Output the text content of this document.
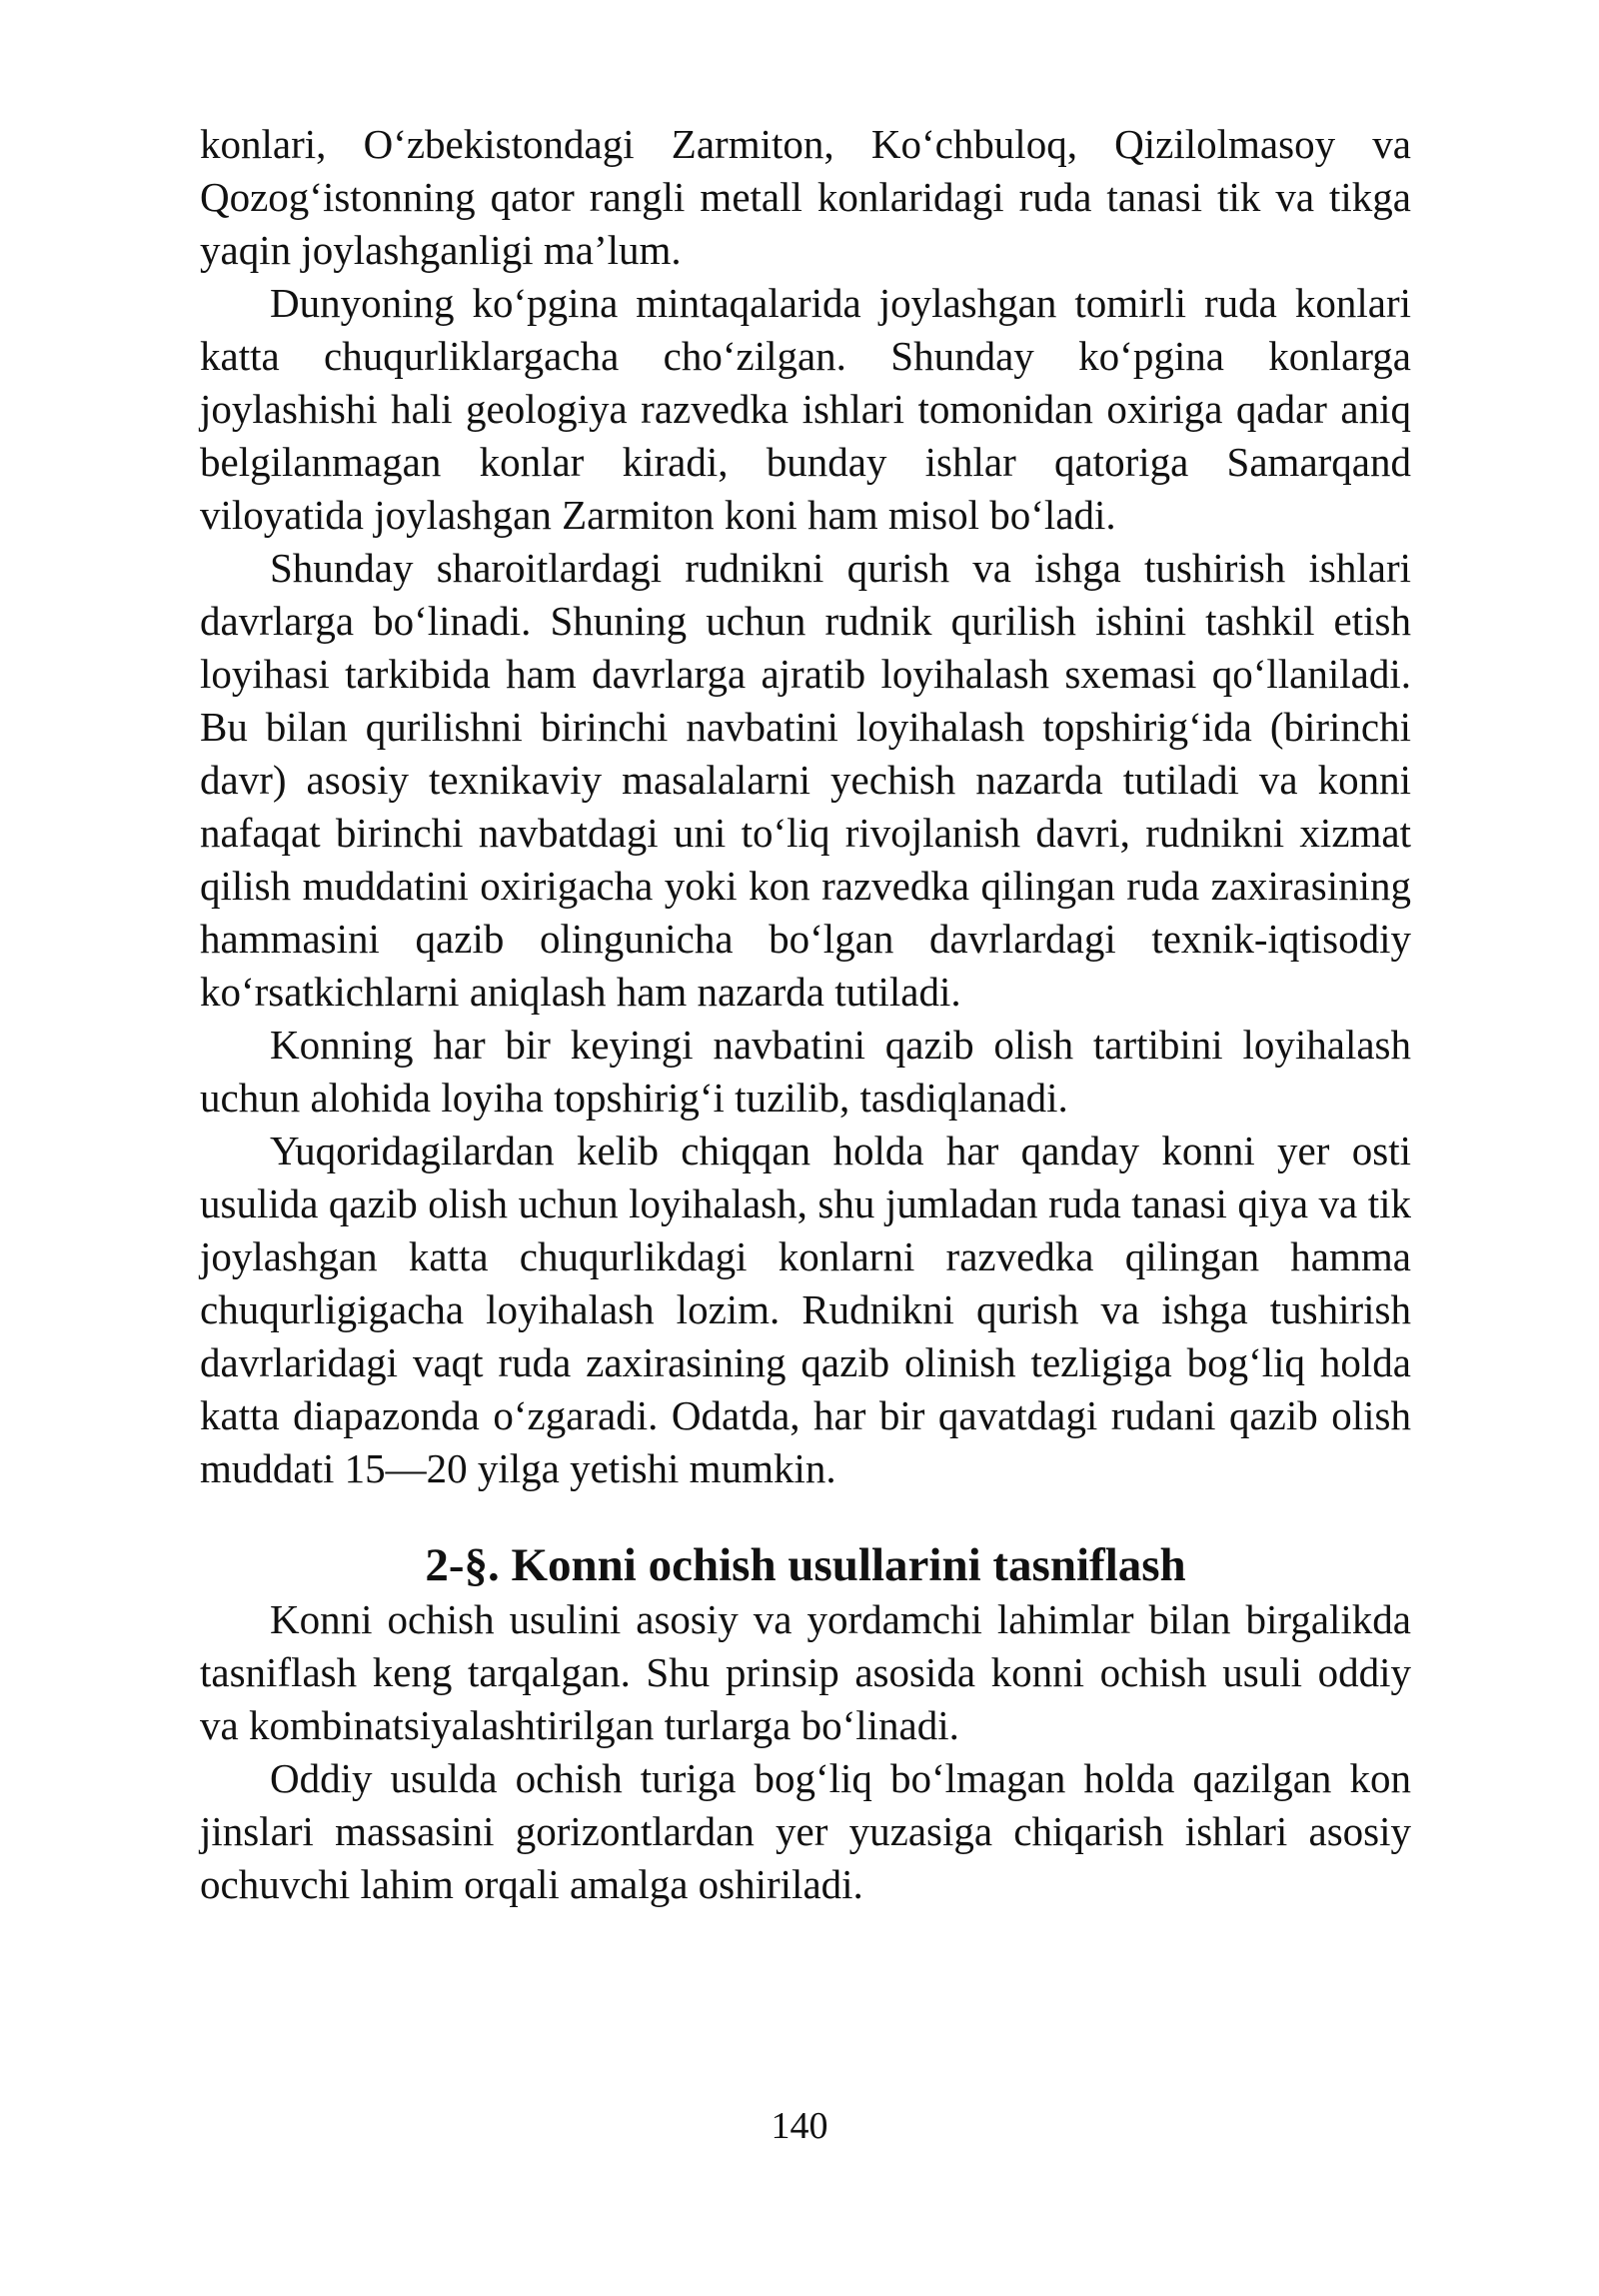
konlari, O‘zbekistondagi Zarmiton, Ko‘chbuloq, Qizilolmasoy va Qozog‘istonning qator rangli metall konlaridagi ruda tanasi tik va tikga yaqin joylashganligi ma’lum.

Dunyoning ko‘pgina mintaqalarida joylashgan tomirli ruda konlari katta chuqurliklargacha cho‘zilgan. Shunday ko‘pgina konlarga joylashishi hali geologiya razvedka ishlari tomonidan oxiriga qadar aniq belgilanmagan konlar kiradi, bunday ishlar qatoriga Samarqand viloyatida joylashgan Zarmiton koni ham misol bo‘ladi.

Shunday sharoitlardagi rudnikni qurish va ishga tushirish ishlari davrlarga bo‘linadi. Shuning uchun rudnik qurilish ishini tashkil etish loyihasi tarkibida ham davrlarga ajratib loyihalash sxemasi qo‘llaniladi. Bu bilan qurilishni birinchi navbatini loyihalash topshirig‘ida (birinchi davr) asosiy texnikaviy masalalarni yechish nazarda tutiladi va konni nafaqat birinchi navbatdagi uni to‘liq rivojlanish davri, rudnikni xizmat qilish muddatini oxirigacha yoki kon razvedka qilingan ruda zaxirasining hammasini qazib olingunicha bo‘lgan davrlardagi texnik-iqtisodiy ko‘rsatkichlarni aniqlash ham nazarda tutiladi.

Konning har bir keyingi navbatini qazib olish tartibini loyihalash uchun alohida loyiha topshirig‘i tuzilib, tasdiqlanadi.

Yuqoridagilardan kelib chiqqan holda har qanday konni yer osti usulida qazib olish uchun loyihalash, shu jumladan ruda tanasi qiya va tik joylashgan katta chuqurlikdagi konlarni razvedka qilingan hamma chuqurligigacha loyihalash lozim. Rudnikni qurish va ishga tushirish davrlaridagi vaqt ruda zaxirasining qazib olinish tezligiga bog‘liq holda katta diapazonda o‘zgaradi. Odatda, har bir qavatdagi rudani qazib olish muddati 15—20 yilga yetishi mumkin.

2-§. Konni ochish usullarini tasniflash

Konni ochish usulini asosiy va yordamchi lahimlar bilan birgalikda tasniflash keng tarqalgan. Shu prinsip asosida konni ochish usuli oddiy va kombinatsiyalashtirilgan turlarga bo‘linadi.

Oddiy usulda ochish turiga bog‘liq bo‘lmagan holda qazilgan kon jinslari massasini gorizontlardan yer yuzasiga chiqarish ishlari asosiy ochuvchi lahim orqali amalga oshiriladi.

140
